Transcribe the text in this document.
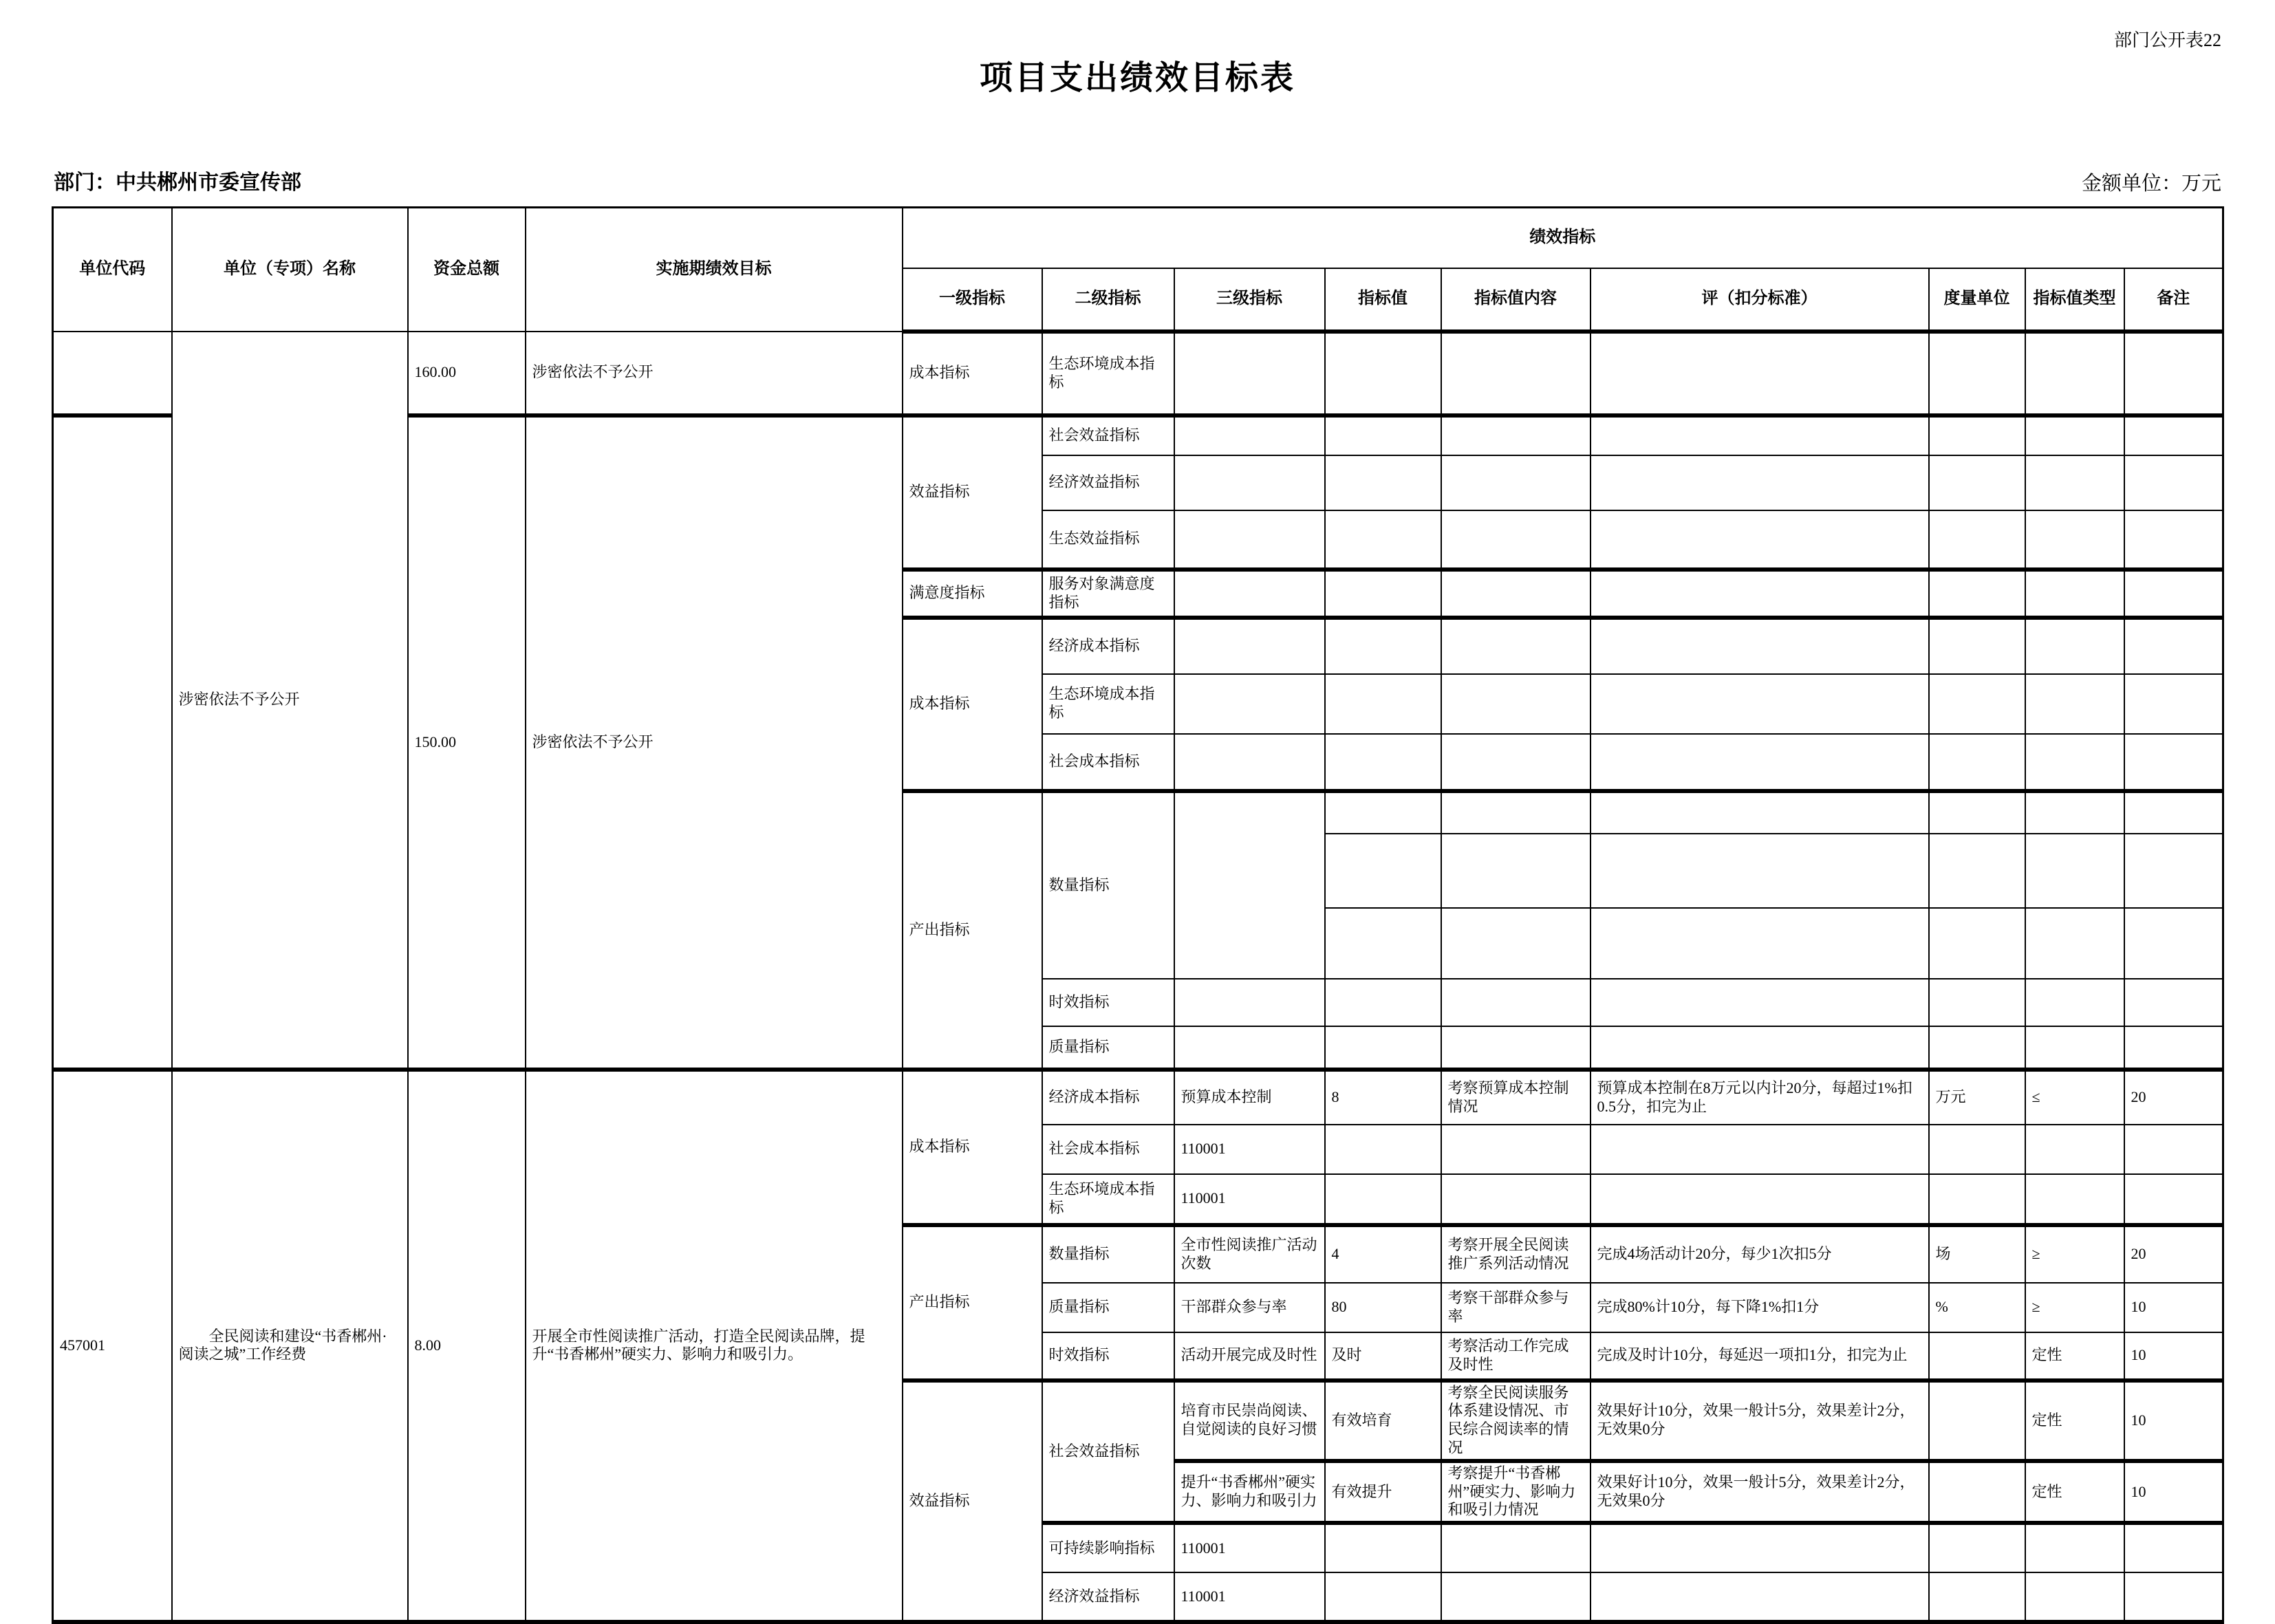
部门公开表22
项目支出绩效目标表
部门：中共郴州市委宣传部	金额单位：万元
单位代码	单位（专项）名称	资金总额	实施期绩效目标	绩效指标								
				一级指标	二级指标	三级指标	指标值	指标值内容	评（扣分标准）	度量单位	指标值类型	备注
	涉密依法不予公开	160.00	涉密依法不予公开	成本指标	生态环境成本指标							
		150.00	涉密依法不予公开	效益指标	社会效益指标							
					经济效益指标							
					生态效益指标							
				满意度指标	服务对象满意度指标							
				成本指标	经济成本指标							
					生态环境成本指标							
					社会成本指标							
				产出指标	数量指标							

					时效指标							
					质量指标							
457001	全民阅读和建设“书香郴州·阅读之城”工作经费	8.00	开展全市性阅读推广活动，打造全民阅读品牌，提升“书香郴州”硬实力、影响力和吸引力。	成本指标	经济成本指标	预算成本控制	8	考察预算成本控制情况	预算成本控制在8万元以内计20分，每超过1%扣0.5分，扣完为止	万元	≤	20
					社会成本指标	110001						
					生态环境成本指标	110001						
				产出指标	数量指标	全市性阅读推广活动次数	4	考察开展全民阅读推广系列活动情况	完成4场活动计20分，每少1次扣5分	场	≥	20
					质量指标	干部群众参与率	80	考察干部群众参与率	完成80%计10分，每下降1%扣1分	%	≥	10
					时效指标	活动开展完成及时性	及时	考察活动工作完成及时性	完成及时计10分，每延迟一项扣1分，扣完为止		定性	10
				效益指标	社会效益指标	培育市民崇尚阅读、自觉阅读的良好习惯	有效培育	考察全民阅读服务体系建设情况、市民综合阅读率的情况	效果好计10分，效果一般计5分，效果差计2分，无效果0分		定性	10
						提升“书香郴州”硬实力、影响力和吸引力	有效提升	考察提升“书香郴州”硬实力、影响力和吸引力情况	效果好计10分，效果一般计5分，效果差计2分，无效果0分		定性	10
					可持续影响指标	110001						
					经济效益指标	110001						
